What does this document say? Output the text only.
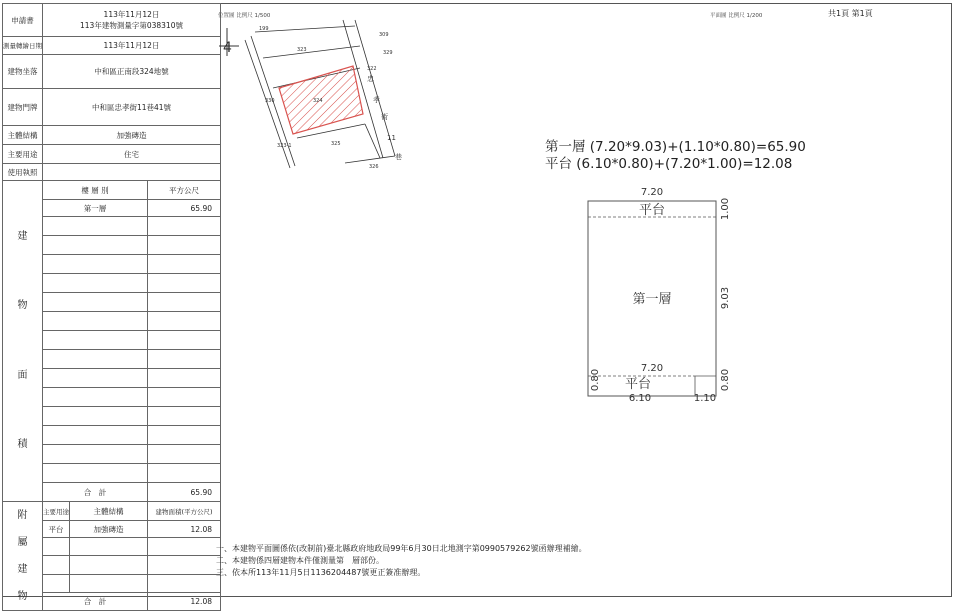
申請書	113年11月12日
113年建物測量字第038310號		

測量轉繪日期	113年11月12日		
建物坐落	中和區正南段324地號		
建物門牌	中和區忠孝街11巷41號		
主體結構	加強磚造		
主要用途	住宅		
使用執照			

建
物
面
積	樓 層 別		平方公尺
	第一層		65.90

	合　計		65.90

附
屬
建
物	主要用途	主體結構	建物面積(平方公尺)
	平台	加強磚造	12.08

	合　計		12.08
位置圖 比例尺 1/500
4	323
324
325
330
309
322
329
326
199
323-1
忠
孝
街
11
巷
平面圖 比例尺 1/200	共1頁 第1頁
第一層 (7.20*9.03)+(1.10*0.80)=65.90
平台 (6.10*0.80)+(7.20*1.00)=12.08
7.20
7.20
6.10	1.10
1.00
9.03
0.80
0.80
平台
第一層
平台
一、本建物平面圖係依(改制前)臺北縣政府地政局99年6月30日北地測字第0990579262號函辦理補繪。
二、本建物係四層建物本件僅測量第　層部份。
三、依本所113年11月5日1136204487號更正簽准辦理。
